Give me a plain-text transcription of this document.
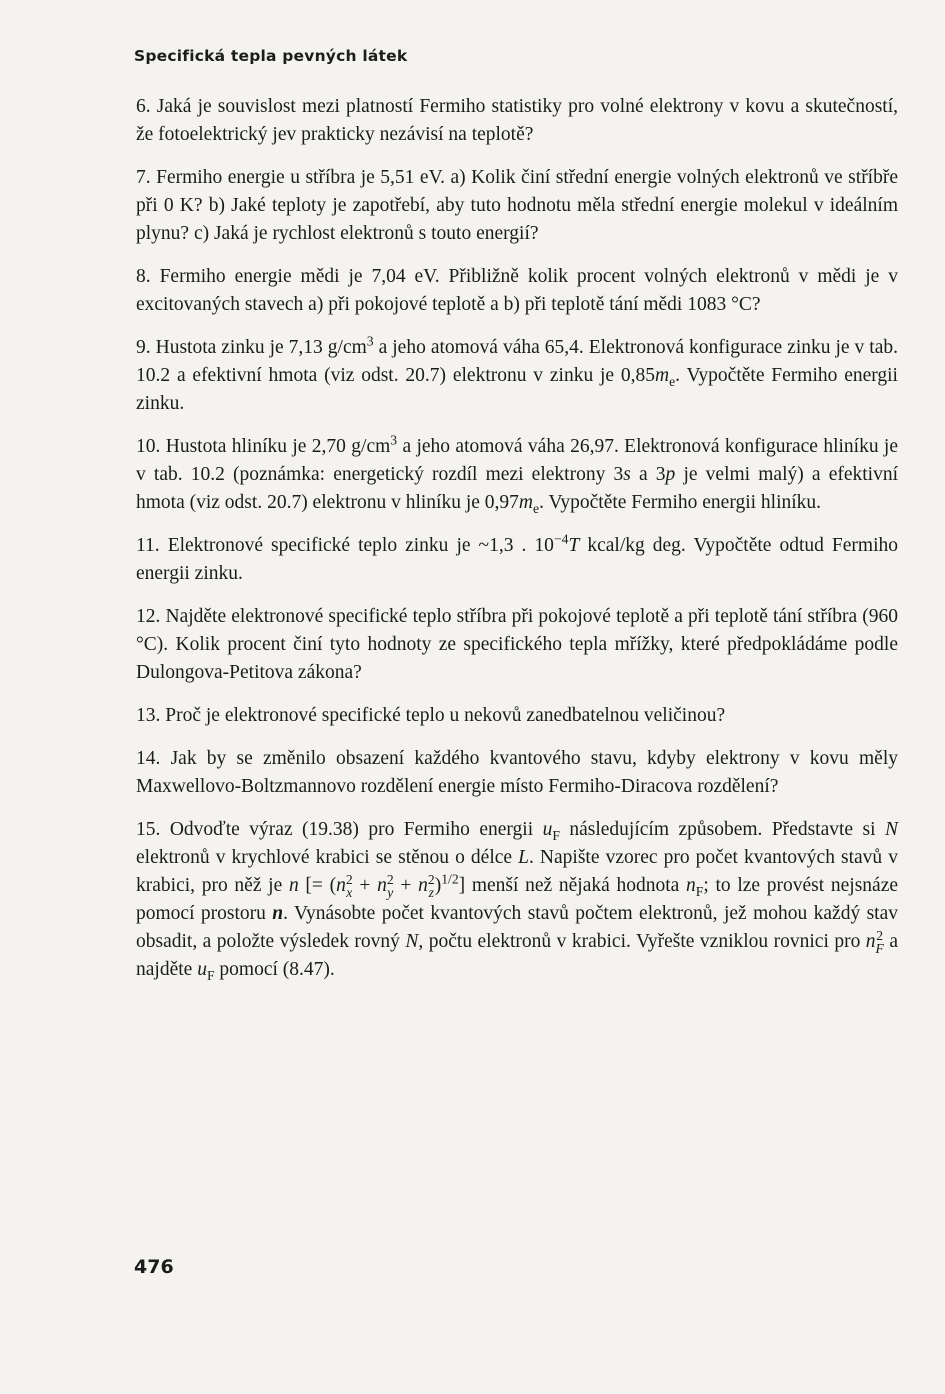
Specifická tepla pevných látek

6. Jaká je souvislost mezi platností Fermiho statistiky pro volné elektrony v kovu a skutečností, že fotoelektrický jev prakticky nezávisí na teplotě?

7. Fermiho energie u stříbra je 5,51 eV. a) Kolik činí střední energie volných elektronů ve stříbře při 0 K? b) Jaké teploty je zapotřebí, aby tuto hodnotu měla střední energie molekul v ideálním plynu? c) Jaká je rychlost elektronů s touto energií?

8. Fermiho energie mědi je 7,04 eV. Přibližně kolik procent volných elektronů v mědi je v excitovaných stavech a) při pokojové teplotě a b) při teplotě tání mědi 1083 °C?

9. Hustota zinku je 7,13 $g/cm^3$ a jeho atomová váha 65,4. Elektronová konfigurace zinku je v tab. 10.2 a efektivní hmota (viz odst. 20.7) elektronu v zinku je $0,85m_e$. Vypočtěte Fermiho energii zinku.

10. Hustota hliníku je 2,70 $g/cm^3$ a jeho atomová váha 26,97. Elektronová konfigurace hliníku je v tab. 10.2 (poznámka: energetický rozdíl mezi elektrony 3s a 3p je velmi malý) a efektivní hmota (viz odst. 20.7) elektronu v hliníku je $0,97m_e$. Vypočtěte Fermiho energii hliníku.

11. Elektronové specifické teplo zinku je ~1,3 . $10^{-4}T$ kcal/kg deg. Vypočtěte odtud Fermiho energii zinku.

12. Najděte elektronové specifické teplo stříbra při pokojové teplotě a při teplotě tání stříbra (960 °C). Kolik procent činí tyto hodnoty ze specifického tepla mřížky, které předpokládáme podle Dulongova-Petitova zákona?

13. Proč je elektronové specifické teplo u nekovů zanedbatelnou veličinou?

14. Jak by se změnilo obsazení každého kvantového stavu, kdyby elektrony v kovu měly Maxwellovo-Boltzmannovo rozdělení energie místo Fermiho-Diracova rozdělení?

15. Odvoďte výraz (19.38) pro Fermiho energii $u_F$ následujícím způsobem. Představte si N elektronů v krychlové krabici se stěnou o délce L. Napište vzorec pro počet kvantových stavů v krabici, pro něž je n [= (n2
x + n2
y + n2
z)$^{1/2}$] menší než nějaká hodnota $n_F$; to lze provést nejsnáze pomocí prostoru n. Vynásobte počet kvantových stavů počtem elektronů, jež mohou každý stav obsadit, a položte výsledek rovný N, počtu elektronů v krabici. Vyřešte vzniklou rovnici pro n2
F a najděte $u_F$ pomocí (8.47).

476
